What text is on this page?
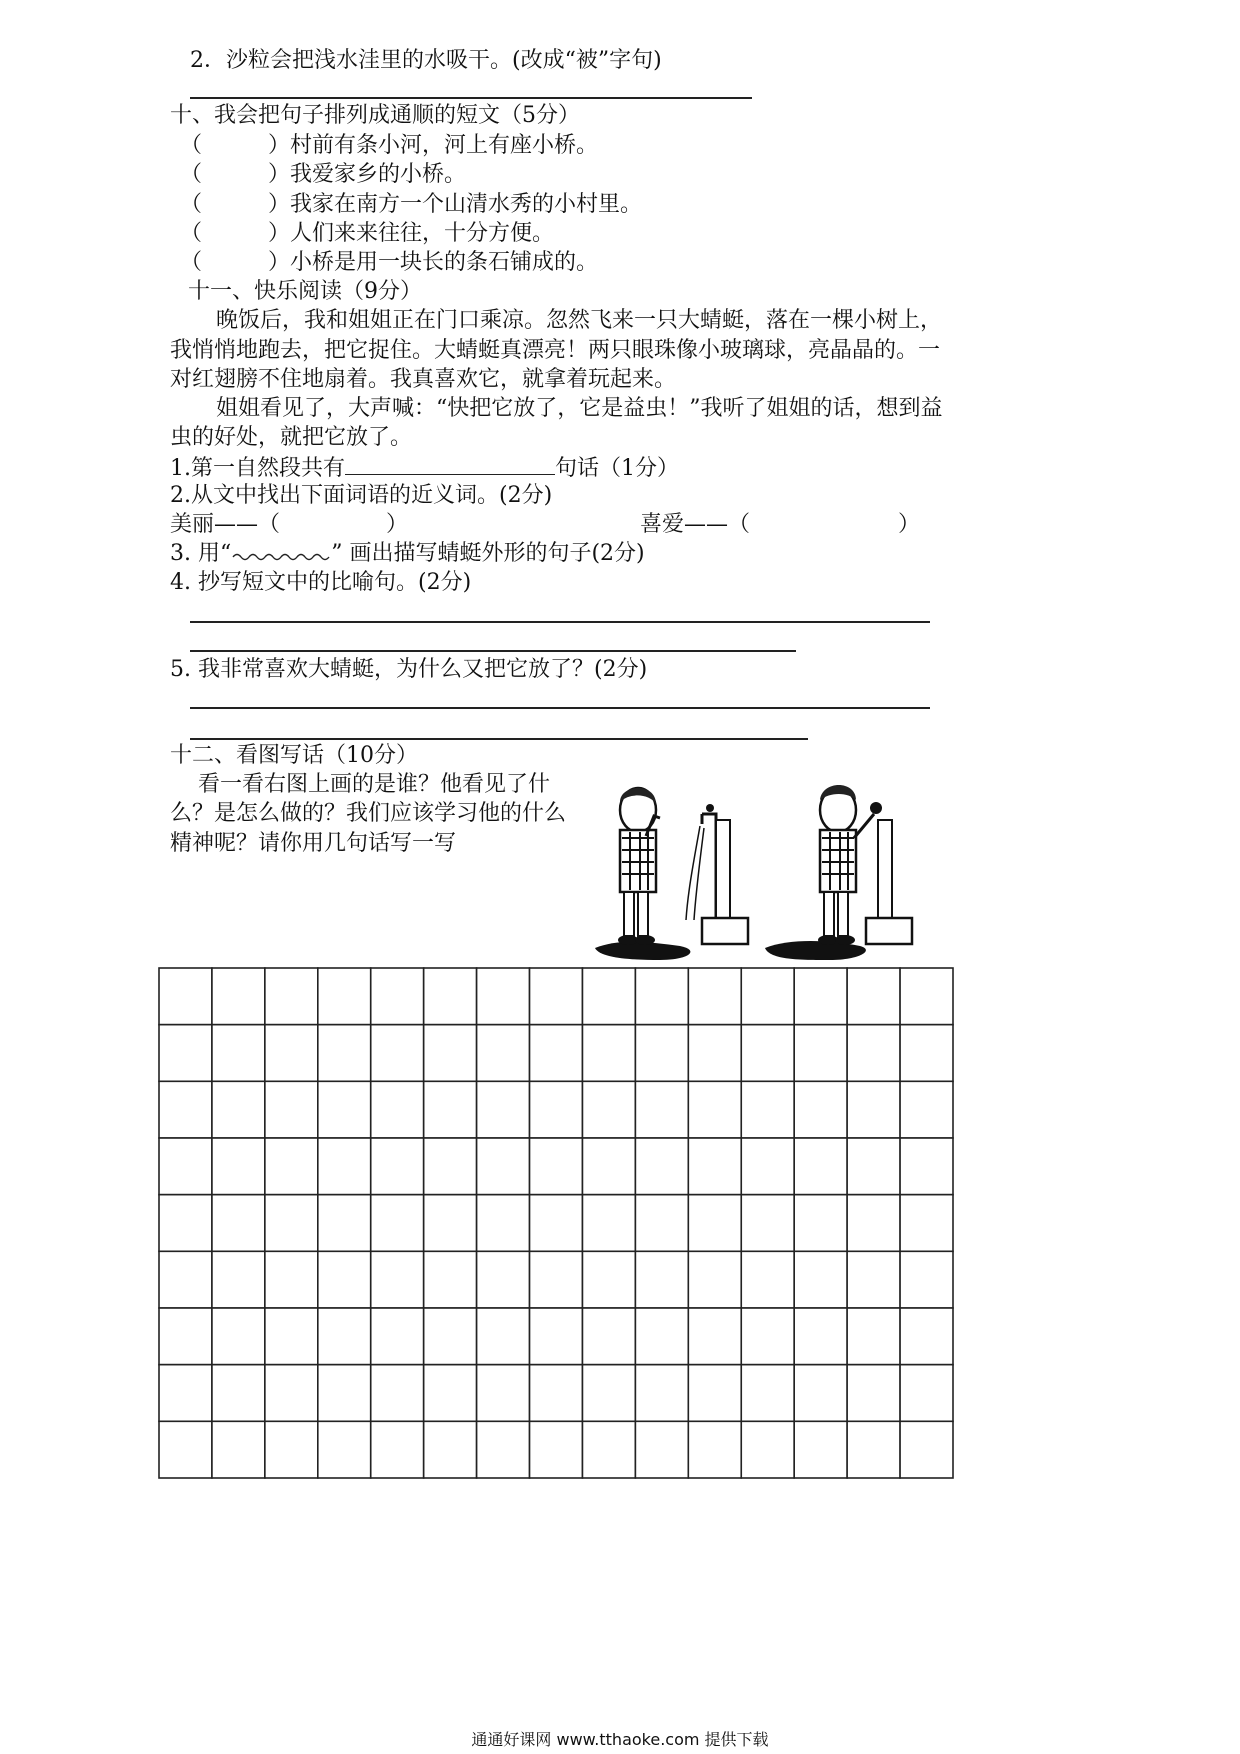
2．沙粒会把浅水洼里的水吸干。(改成“被”字句)
十、我会把句子排列成通顺的短文（5分）
（　　　）村前有条小河，河上有座小桥。
（　　　）我爱家乡的小桥。
（　　　）我家在南方一个山清水秀的小村里。
（　　　）人们来来往往，十分方便。
（　　　）小桥是用一块长的条石铺成的。
十一、快乐阅读（9分）
晚饭后，我和姐姐正在门口乘凉。忽然飞来一只大蜻蜓，落在一棵小树上，
我悄悄地跑去，把它捉住。大蜻蜓真漂亮！两只眼珠像小玻璃球，亮晶晶的。一
对红翅膀不住地扇着。我真喜欢它，就拿着玩起来。
姐姐看见了，大声喊：“快把它放了，它是益虫！”我听了姐姐的话，想到益
虫的好处，就把它放了。
1.第一自然段共有	句话（1分）
2.从文中找出下面词语的近义词。(2分)
美丽——（	）	喜爱——（	）
3. 用“	” 画出描写蜻蜓外形的句子(2分)
4. 抄写短文中的比喻句。(2分)
5. 我非常喜欢大蜻蜓，为什么又把它放了？(2分)
十二、看图写话（10分）
看一看右图上画的是谁？他看见了什
么？是怎么做的？我们应该学习他的什么
精神呢？请你用几句话写一写
通通好课网 www.tthaoke.com 提供下载
